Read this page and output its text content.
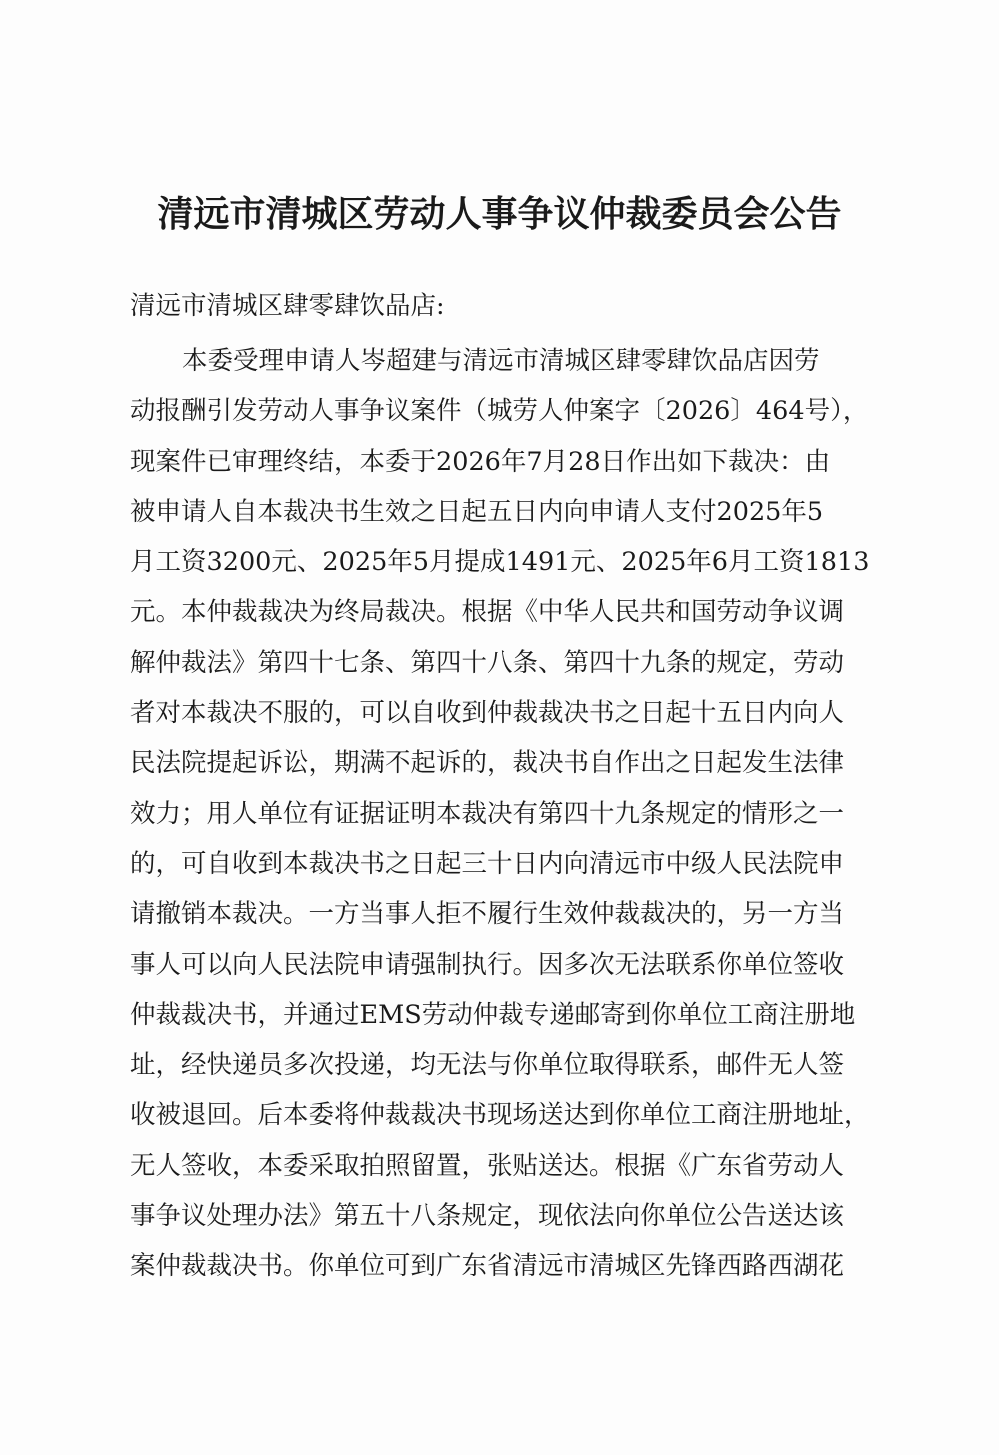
清远市清城区劳动人事争议仲裁委员会公告
清远市清城区肆零肆饮品店:
本委受理申请人岑超建与清远市清城区肆零肆饮品店因劳
动报酬引发劳动人事争议案件（城劳人仲案字〔2026〕464号），
现案件已审理终结，本委于2026年7月28日作出如下裁决：由
被申请人自本裁决书生效之日起五日内向申请人支付2025年5
月工资3200元、2025年5月提成1491元、2025年6月工资1813
元。本仲裁裁决为终局裁决。根据《中华人民共和国劳动争议调
解仲裁法》第四十七条、第四十八条、第四十九条的规定，劳动
者对本裁决不服的，可以自收到仲裁裁决书之日起十五日内向人
民法院提起诉讼，期满不起诉的，裁决书自作出之日起发生法律
效力；用人单位有证据证明本裁决有第四十九条规定的情形之一
的，可自收到本裁决书之日起三十日内向清远市中级人民法院申
请撤销本裁决。一方当事人拒不履行生效仲裁裁决的，另一方当
事人可以向人民法院申请强制执行。因多次无法联系你单位签收
仲裁裁决书，并通过EMS劳动仲裁专递邮寄到你单位工商注册地
址，经快递员多次投递，均无法与你单位取得联系，邮件无人签
收被退回。后本委将仲裁裁决书现场送达到你单位工商注册地址，
无人签收，本委采取拍照留置，张贴送达。根据《广东省劳动人
事争议处理办法》第五十八条规定，现依法向你单位公告送达该
案仲裁裁决书。你单位可到广东省清远市清城区先锋西路西湖花
